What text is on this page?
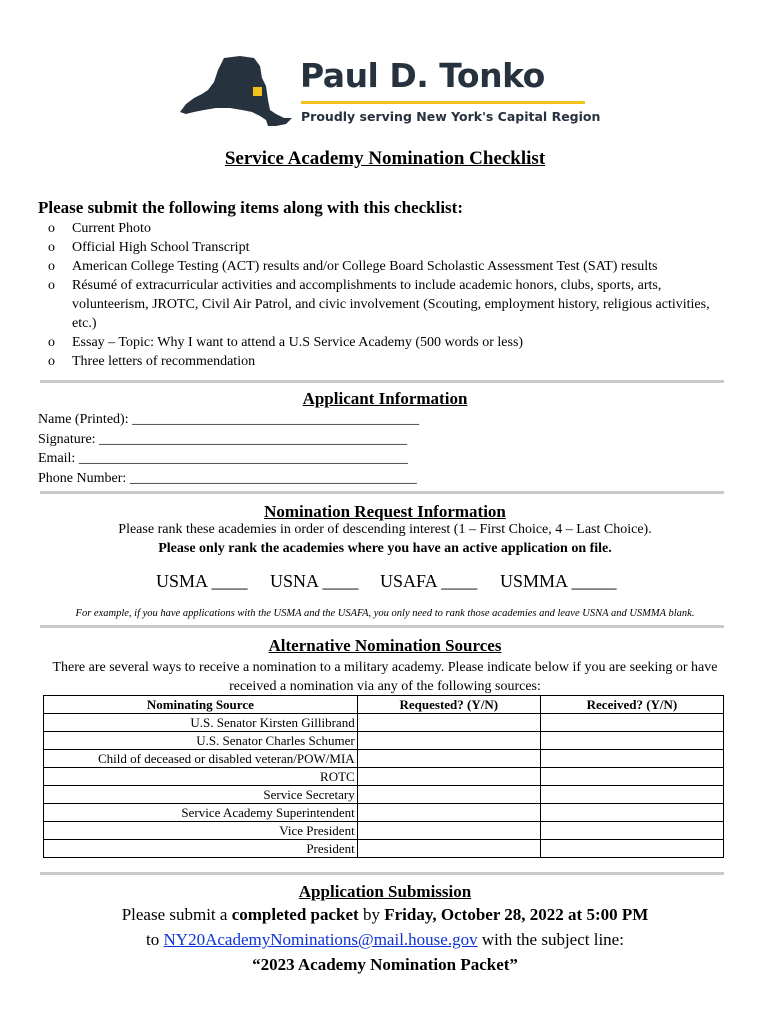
Paul D. Tonko
Proudly serving New York's Capital Region
Service Academy Nomination Checklist
Please submit the following items along with this checklist:
o Current Photo
o Official High School Transcript
o American College Testing (ACT) results and/or College Board Scholastic Assessment Test (SAT) results
o Résumé of extracurricular activities and accomplishments to include academic honors, clubs, sports, arts, volunteerism, JROTC, Civil Air Patrol, and civic involvement (Scouting, employment history, religious activities, etc.)
o Essay – Topic: Why I want to attend a U.S Service Academy (500 words or less)
o Three letters of recommendation
Applicant Information
Name (Printed): _________________________________________
Signature: ____________________________________________
Email: _______________________________________________
Phone Number: _________________________________________
Nomination Request Information
Please rank these academies in order of descending interest (1 – First Choice, 4 – Last Choice).
Please only rank the academies where you have an active application on file.
USMA ____ USNA ____ USAFA ____ USMMA _____
For example, if you have applications with the USMA and the USAFA, you only need to rank those academies and leave USNA and USMMA blank.
Alternative Nomination Sources
There are several ways to receive a nomination to a military academy. Please indicate below if you are seeking or have received a nomination via any of the following sources:
Nominating Source	Requested? (Y/N)	Received? (Y/N)
U.S. Senator Kirsten Gillibrand		
U.S. Senator Charles Schumer		
Child of deceased or disabled veteran/POW/MIA		
ROTC		
Service Secretary		
Service Academy Superintendent		
Vice President		
President		
Application Submission
Please submit a completed packet by Friday, October 28, 2022 at 5:00 PM
to NY20AcademyNominations@mail.house.gov with the subject line:
“2023 Academy Nomination Packet”
